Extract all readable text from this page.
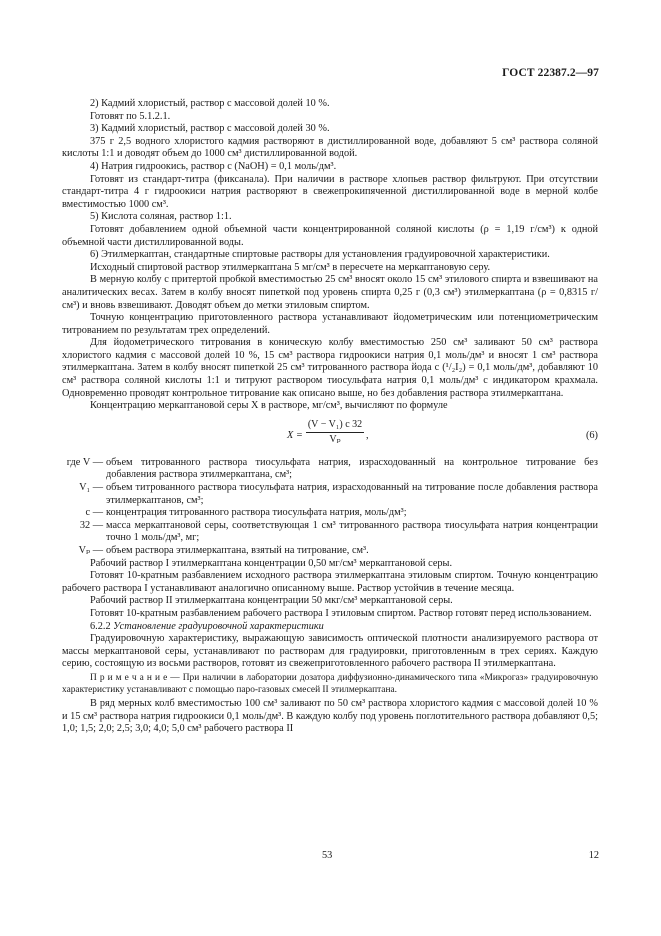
ГОСТ 22387.2—97

2) Кадмий хлористый, раствор с массовой долей 10 %.

Готовят по 5.1.2.1.

3) Кадмий хлористый, раствор с массовой долей 30 %.

375 г 2,5 водного хлористого кадмия растворяют в дистиллированной воде, добавляют 5 см³ раствора соляной кислоты 1:1 и доводят объем до 1000 см³ дистиллированной водой.

4) Натрия гидроокись, раствор c (NaOH) = 0,1 моль/дм³.

Готовят из стандарт-титра (фиксанала). При наличии в растворе хлопьев раствор фильтруют. При отсутствии стандарт-титра 4 г гидроокиси натрия растворяют в свежепрокипяченной дистиллированной воде в мерной колбе вместимостью 1000 см³.

5) Кислота соляная, раствор 1:1.

Готовят добавлением одной объемной части концентрированной соляной кислоты (ρ = 1,19 г/см³) к одной объемной части дистиллированной воды.

6) Этилмеркаптан, стандартные спиртовые растворы для установления градуировочной характеристики.

Исходный спиртовой раствор этилмеркаптана 5 мг/см³ в пересчете на меркаптановую серу.

В мерную колбу с притертой пробкой вместимостью 25 см³ вносят около 15 см³ этилового спирта и взвешивают на аналитических весах. Затем в колбу вносят пипеткой под уровень спирта 0,25 г (0,3 см³) этилмеркаптана (ρ = 0,8315 г/см³) и вновь взвешивают. Доводят объем до метки этиловым спиртом.

Точную концентрацию приготовленного раствора устанавливают йодометрическим или потенциометрическим титрованием по результатам трех определений.

Для йодометрического титрования в коническую колбу вместимостью 250 см³ заливают 50 см³ раствора хлористого кадмия с массовой долей 10 %, 15 см³ раствора гидроокиси натрия 0,1 моль/дм³ и вносят 1 см³ раствора этилмеркаптана. Затем в колбу вносят пипеткой 25 см³ титрованного раствора йода с (¹/₂I₂) = 0,1 моль/дм³, добавляют 10 см³ раствора соляной кислоты 1:1 и титруют раствором тиосульфата натрия 0,1 моль/дм³ с индикатором крахмала. Одновременно проводят контрольное титрование как описано выше, но без добавления раствора этилмеркаптана.

Концентрацию меркаптановой серы X в растворе, мг/см³, вычисляют по формуле

$X = \frac{\text{(V − V₁) c 32}}{\text{Vₚ}}$ ,	(6)
где V — объем титрованного раствора тиосульфата натрия, израсходованный на контрольное титрование без добавления раствора этилмеркаптана, см³;
V₁ — объем титрованного раствора тиосульфата натрия, израсходованный на титрование после добавления раствора этилмеркаптанов, см³;
c — концентрация титрованного раствора тиосульфата натрия, моль/дм³;
32 — масса меркаптановой серы, соответствующая 1 см³ титрованного раствора тиосульфата натрия концентрации точно 1 моль/дм³, мг;
Vₚ — объем раствора этилмеркаптана, взятый на титрование, см³.

Рабочий раствор I этилмеркаптана концентрации 0,50 мг/см³ меркаптановой серы.

Готовят 10-кратным разбавлением исходного раствора этилмеркаптана этиловым спиртом. Точную концентрацию рабочего раствора I устанавливают аналогично описанному выше. Раствор устойчив в течение месяца.

Рабочий раствор II этилмеркаптана концентрации 50 мкг/см³ меркаптановой серы.

Готовят 10-кратным разбавлением рабочего раствора I этиловым спиртом. Раствор готовят перед использованием.

6.2.2 Установление градуировочной характеристики

Градуировочную характеристику, выражающую зависимость оптической плотности анализируемого раствора от массы меркаптановой серы, устанавливают по растворам для градуировки, приготовленным в трех сериях. Каждую серию, состоящую из восьми растворов, готовят из свежеприготовленного рабочего раствора II этилмеркаптана.

П р и м е ч а н и е — При наличии в лаборатории дозатора диффузионно-динамического типа «Микрогаз» градуировочную характеристику устанавливают с помощью паро-газовых смесей II этилмеркаптана.

В ряд мерных колб вместимостью 100 см³ заливают по 50 см³ раствора хлористого кадмия с массовой долей 10 % и 15 см³ раствора натрия гидроокиси 0,1 моль/дм³. В каждую колбу под уровень поглотительного раствора добавляют 0,5; 1,0; 1,5; 2,0; 2,5; 3,0; 4,0; 5,0 см³ рабочего раствора II

53	12
